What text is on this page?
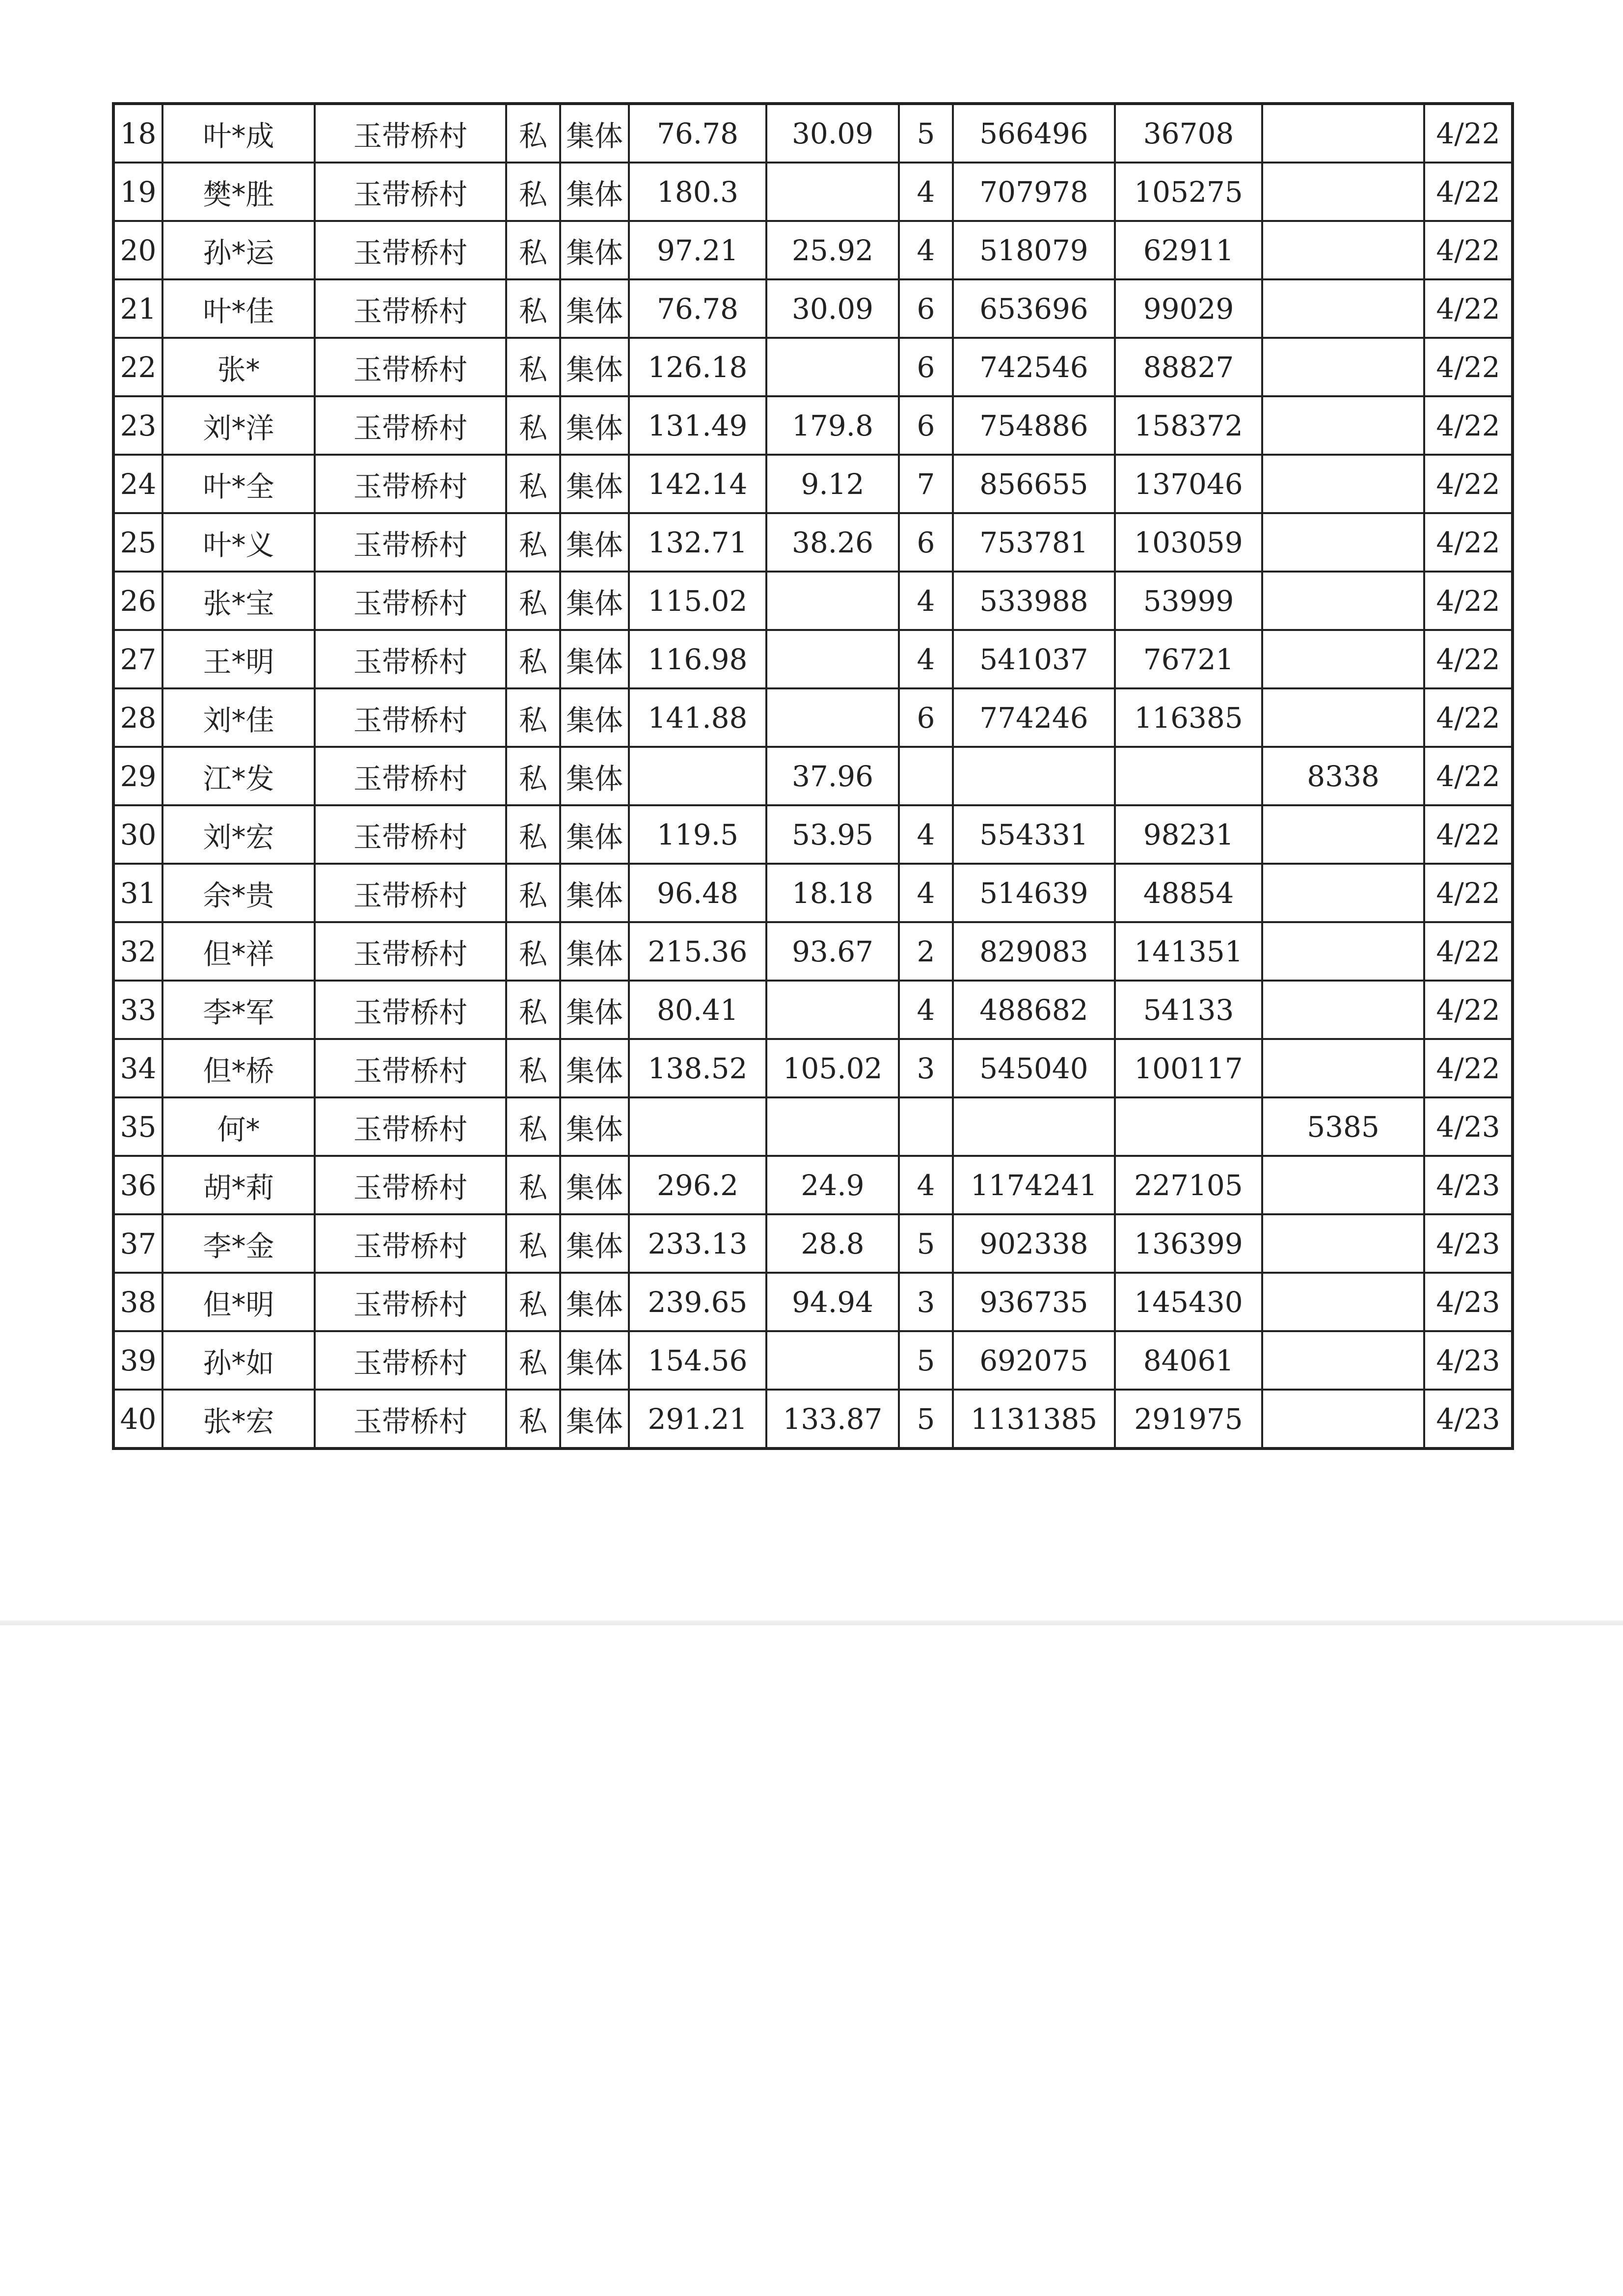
18	叶*成	玉带桥村	私	集体	76.78	30.09	5	566496	36708		4/22
19	樊*胜	玉带桥村	私	集体	180.3		4	707978	105275		4/22
20	孙*运	玉带桥村	私	集体	97.21	25.92	4	518079	62911		4/22
21	叶*佳	玉带桥村	私	集体	76.78	30.09	6	653696	99029		4/22
22	张*	玉带桥村	私	集体	126.18		6	742546	88827		4/22
23	刘*洋	玉带桥村	私	集体	131.49	179.8	6	754886	158372		4/22
24	叶*全	玉带桥村	私	集体	142.14	9.12	7	856655	137046		4/22
25	叶*义	玉带桥村	私	集体	132.71	38.26	6	753781	103059		4/22
26	张*宝	玉带桥村	私	集体	115.02		4	533988	53999		4/22
27	王*明	玉带桥村	私	集体	116.98		4	541037	76721		4/22
28	刘*佳	玉带桥村	私	集体	141.88		6	774246	116385		4/22
29	江*发	玉带桥村	私	集体		37.96				8338	4/22
30	刘*宏	玉带桥村	私	集体	119.5	53.95	4	554331	98231		4/22
31	余*贵	玉带桥村	私	集体	96.48	18.18	4	514639	48854		4/22
32	但*祥	玉带桥村	私	集体	215.36	93.67	2	829083	141351		4/22
33	李*军	玉带桥村	私	集体	80.41		4	488682	54133		4/22
34	但*桥	玉带桥村	私	集体	138.52	105.02	3	545040	100117		4/22
35	何*	玉带桥村	私	集体						5385	4/23
36	胡*莉	玉带桥村	私	集体	296.2	24.9	4	1174241	227105		4/23
37	李*金	玉带桥村	私	集体	233.13	28.8	5	902338	136399		4/23
38	但*明	玉带桥村	私	集体	239.65	94.94	3	936735	145430		4/23
39	孙*如	玉带桥村	私	集体	154.56		5	692075	84061		4/23
40	张*宏	玉带桥村	私	集体	291.21	133.87	5	1131385	291975		4/23
